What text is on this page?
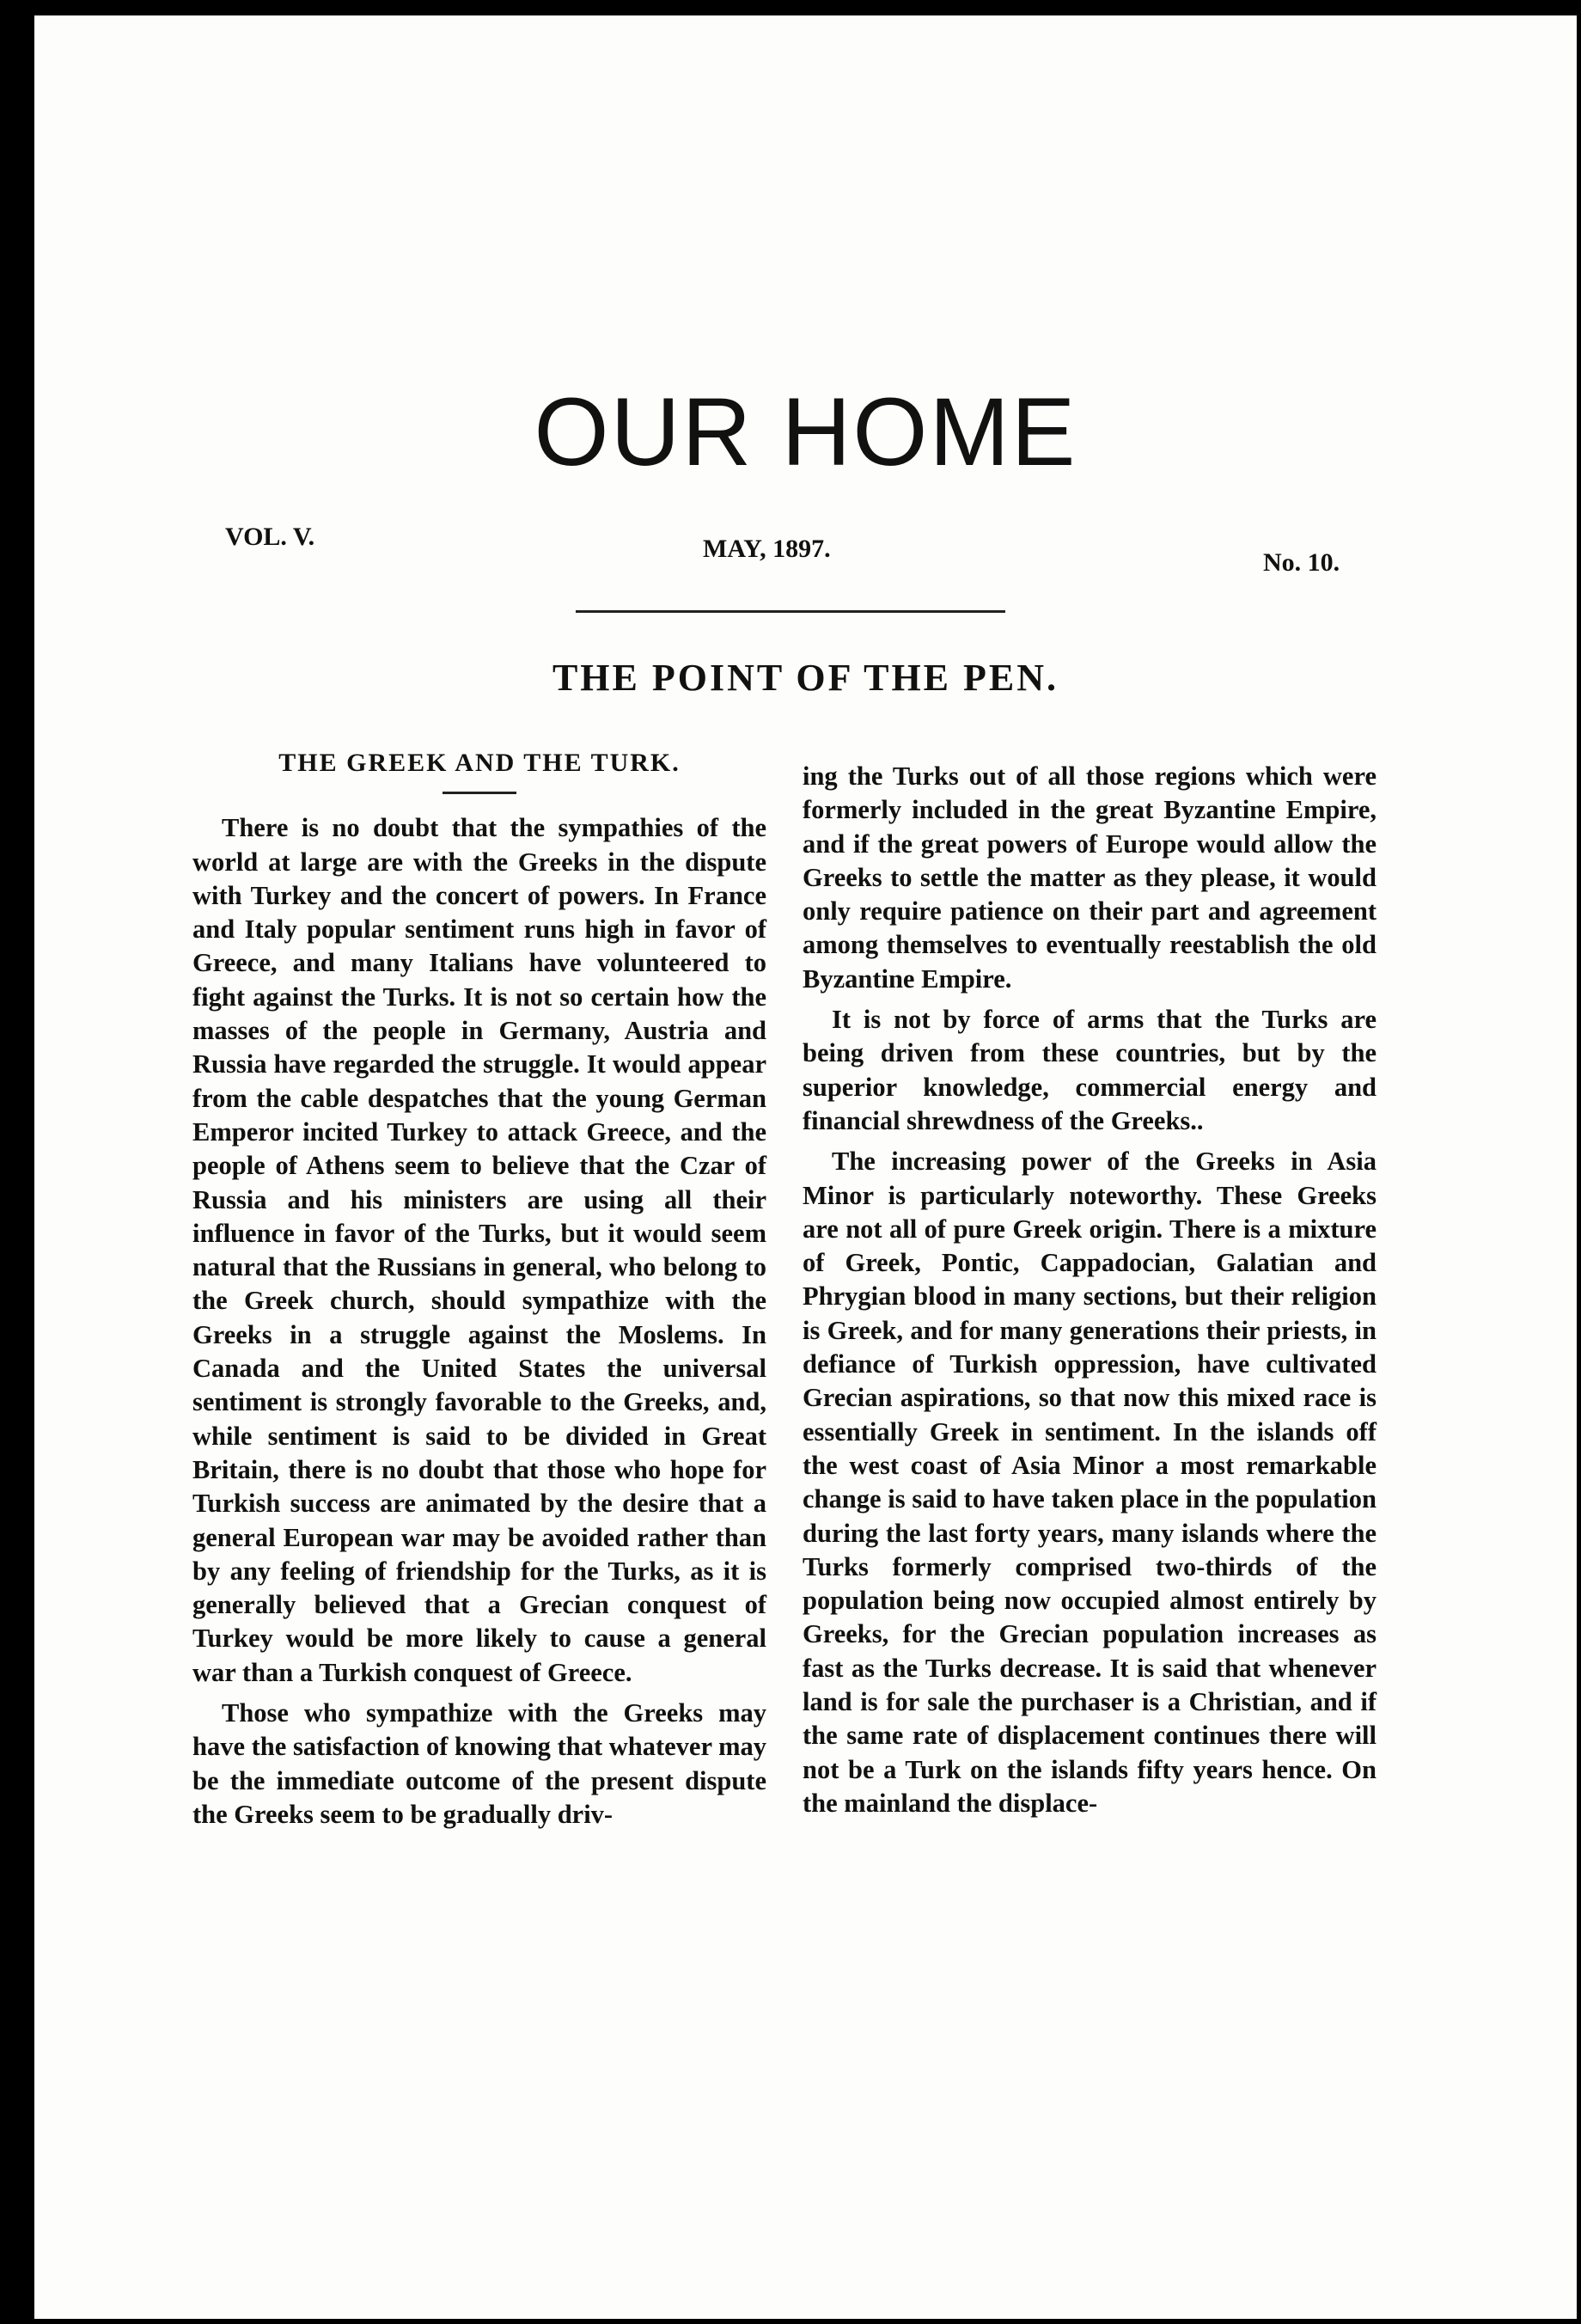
OUR HOME
VOL. V.	MAY, 1897.	No. 10.
THE POINT OF THE PEN.
THE GREEK AND THE TURK.

There is no doubt that the sympathies of the world at large are with the Greeks in the dispute with Turkey and the concert of powers. In France and Italy popular sentiment runs high in favor of Greece, and many Italians have volunteered to fight against the Turks. It is not so certain how the masses of the people in Germany, Austria and Russia have regarded the struggle. It would appear from the cable despatches that the young German Emperor incited Turkey to attack Greece, and the people of Athens seem to believe that the Czar of Russia and his ministers are using all their influence in favor of the Turks, but it would seem natural that the Russians in general, who belong to the Greek church, should sympathize with the Greeks in a struggle against the Moslems. In Canada and the United States the universal sentiment is strongly favorable to the Greeks, and, while sentiment is said to be divided in Great Britain, there is no doubt that those who hope for Turkish success are animated by the desire that a general European war may be avoided rather than by any feeling of friendship for the Turks, as it is generally believed that a Grecian conquest of Turkey would be more likely to cause a general war than a Turkish conquest of Greece.

Those who sympathize with the Greeks may have the satisfaction of knowing that whatever may be the immediate outcome of the present dispute the Greeks seem to be gradually driv-

ing the Turks out of all those regions which were formerly included in the great Byzantine Empire, and if the great powers of Europe would allow the Greeks to settle the matter as they please, it would only require patience on their part and agreement among themselves to eventually reestablish the old Byzantine Empire.

It is not by force of arms that the Turks are being driven from these countries, but by the superior knowledge, commercial energy and financial shrewdness of the Greeks..

The increasing power of the Greeks in Asia Minor is particularly noteworthy. These Greeks are not all of pure Greek origin. There is a mixture of Greek, Pontic, Cappadocian, Galatian and Phrygian blood in many sections, but their religion is Greek, and for many generations their priests, in defiance of Turkish oppression, have cultivated Grecian aspirations, so that now this mixed race is essentially Greek in sentiment. In the islands off the west coast of Asia Minor a most remarkable change is said to have taken place in the population during the last forty years, many islands where the Turks formerly comprised two-thirds of the population being now occupied almost entirely by Greeks, for the Grecian population increases as fast as the Turks decrease. It is said that whenever land is for sale the purchaser is a Christian, and if the same rate of displacement continues there will not be a Turk on the islands fifty years hence. On the mainland the displace-
